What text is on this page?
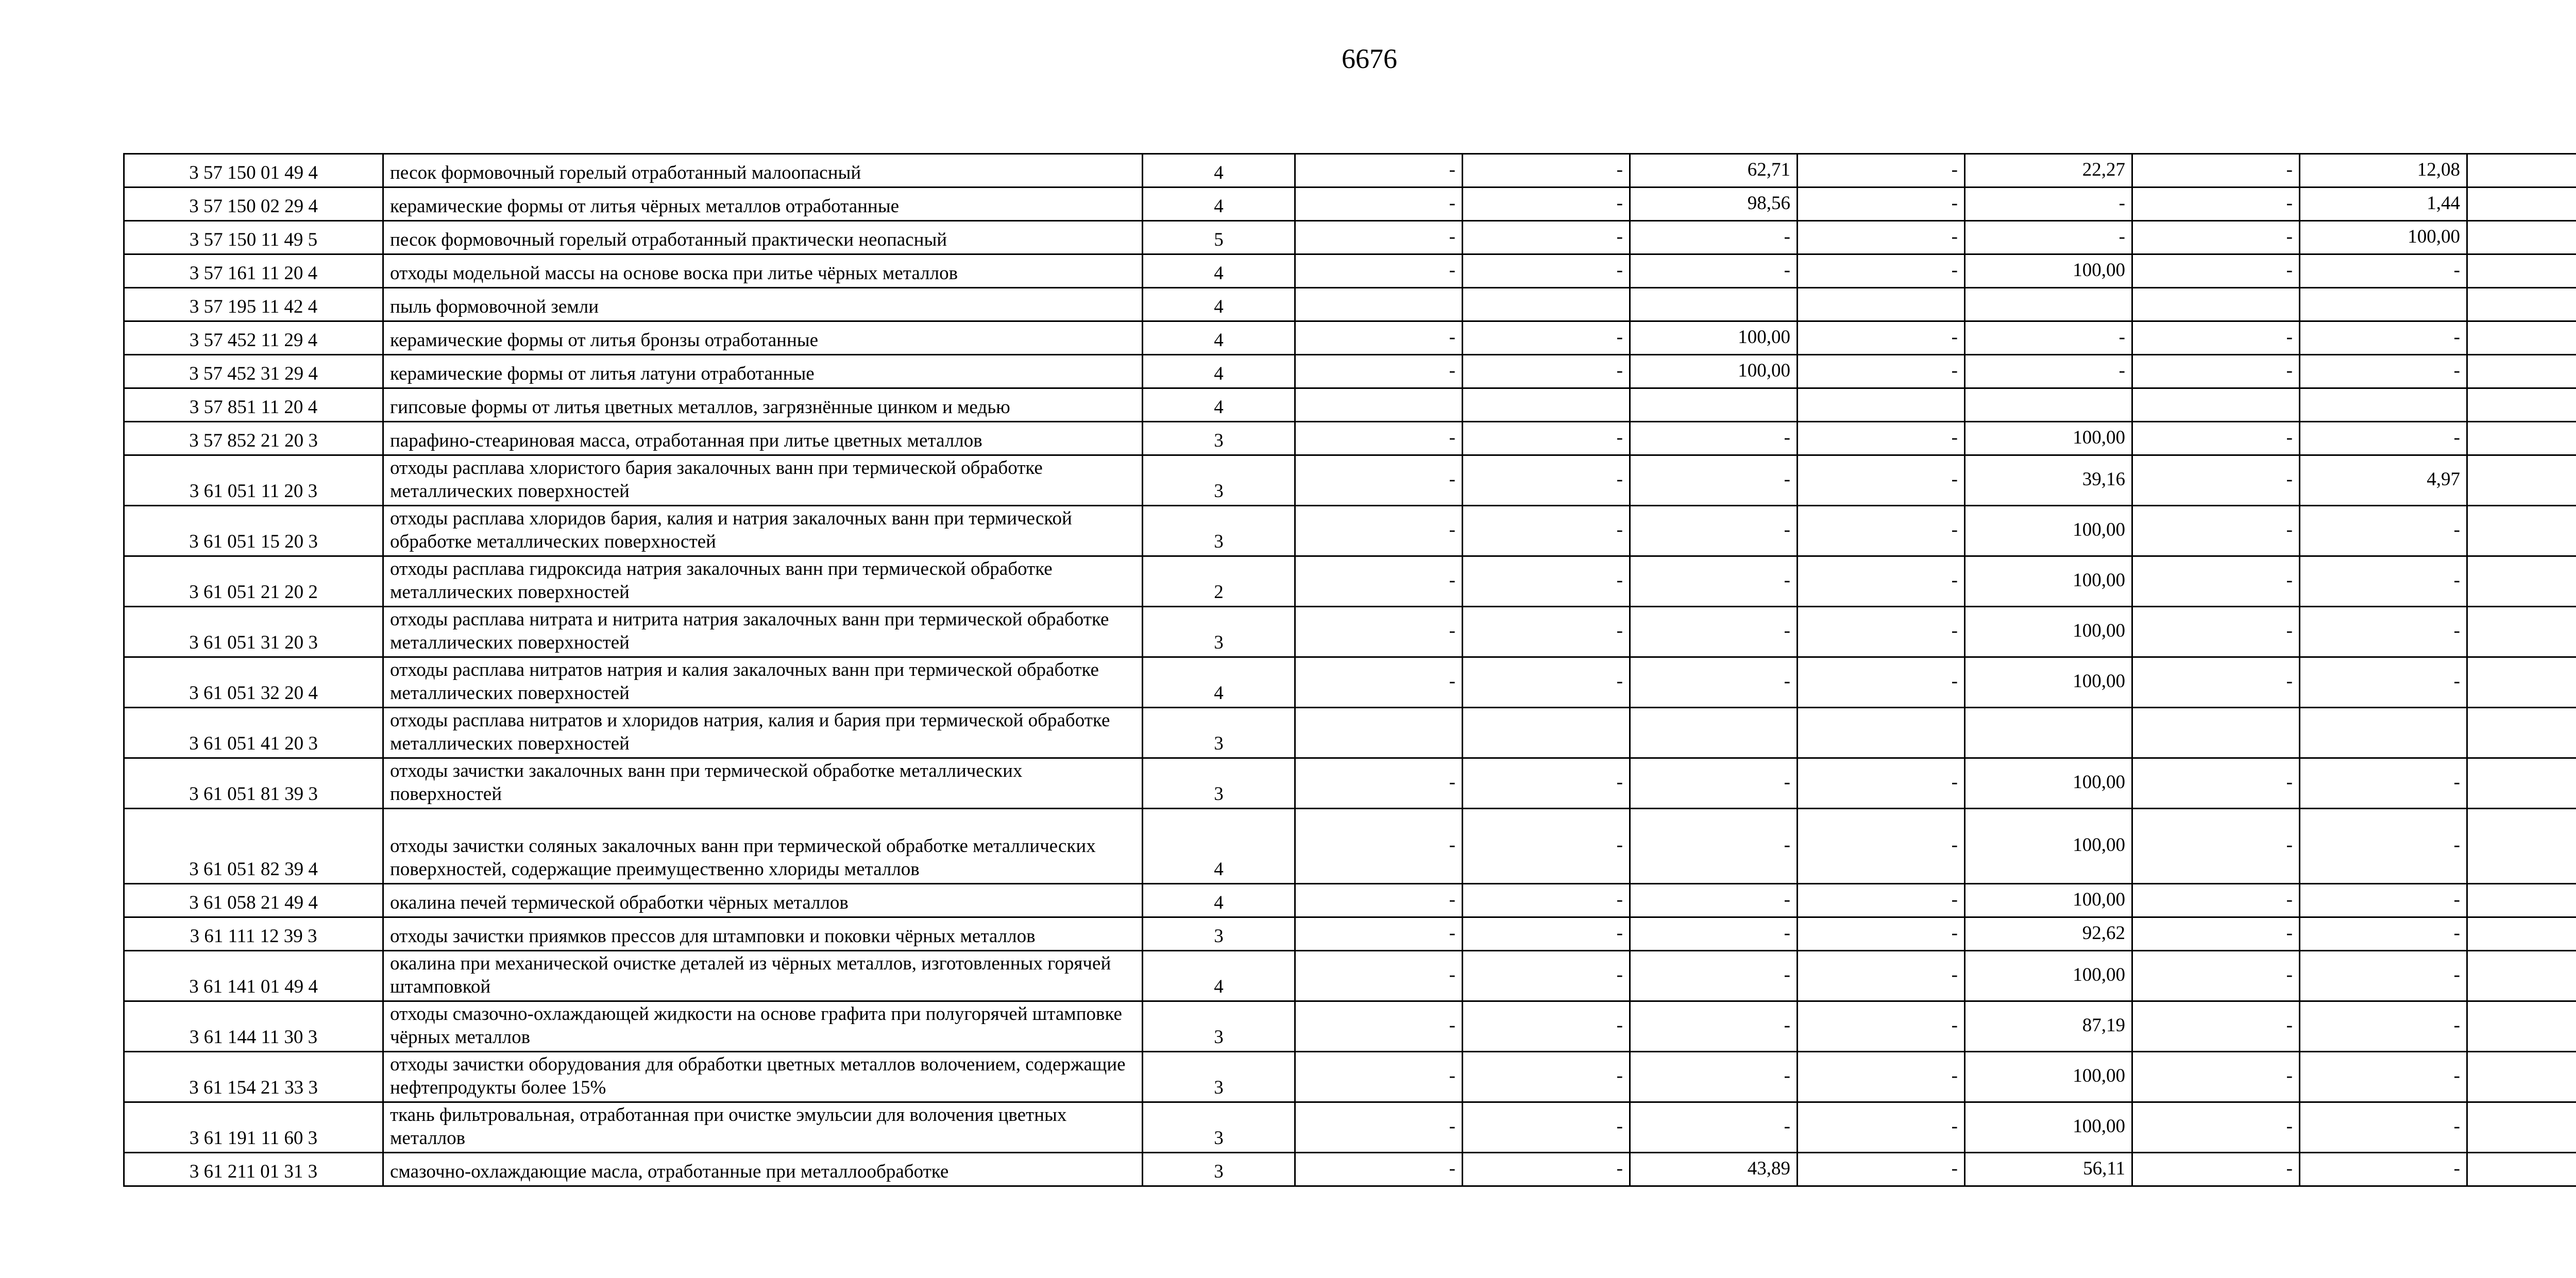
6676
3 57 150 01 49 4	песок формовочный горелый отработанный малоопасный	4	-	-	62,71	-	22,27	-	12,08	
3 57 150 02 29 4	керамические формы от литья чёрных металлов отработанные	4	-	-	98,56	-	-	-	1,44	
3 57 150 11 49 5	песок формовочный горелый отработанный практически неопасный	5	-	-	-	-	-	-	100,00	
3 57 161 11 20 4	отходы модельной массы на основе воска при литье чёрных металлов	4	-	-	-	-	100,00	-	-	
3 57 195 11 42 4	пыль формовочной земли	4								
3 57 452 11 29 4	керамические формы от литья бронзы отработанные	4	-	-	100,00	-	-	-	-	
3 57 452 31 29 4	керамические формы от литья латуни отработанные	4	-	-	100,00	-	-	-	-	
3 57 851 11 20 4	гипсовые формы от литья цветных металлов, загрязнённые цинком и медью	4								
3 57 852 21 20 3	парафино-стеариновая масса, отработанная при литье цветных металлов	3	-	-	-	-	100,00	-	-	
3 61 051 11 20 3	отходы расплава хлористого бария закалочных ванн при термической обработке металлических поверхностей	3	-	-	-	-	39,16	-	4,97	
3 61 051 15 20 3	отходы расплава хлоридов бария, калия и натрия закалочных ванн при термической обработке металлических поверхностей	3	-	-	-	-	100,00	-	-	
3 61 051 21 20 2	отходы расплава гидроксида натрия закалочных ванн при термической обработке металлических поверхностей	2	-	-	-	-	100,00	-	-	
3 61 051 31 20 3	отходы расплава нитрата и нитрита натрия закалочных ванн при термической обработке металлических поверхностей	3	-	-	-	-	100,00	-	-	
3 61 051 32 20 4	отходы расплава нитратов натрия и калия закалочных ванн при термической обработке металлических поверхностей	4	-	-	-	-	100,00	-	-	
3 61 051 41 20 3	отходы расплава нитратов и хлоридов натрия, калия и бария при термической обработке металлических поверхностей	3								
3 61 051 81 39 3	отходы зачистки закалочных ванн при термической обработке металлических поверхностей	3	-	-	-	-	100,00	-	-	
3 61 051 82 39 4	отходы зачистки соляных закалочных ванн при термической обработке металлических поверхностей, содержащие преимущественно хлориды металлов	4	-	-	-	-	100,00	-	-	
3 61 058 21 49 4	окалина печей термической обработки чёрных металлов	4	-	-	-	-	100,00	-	-	
3 61 111 12 39 3	отходы зачистки приямков прессов для штамповки и поковки чёрных металлов	3	-	-	-	-	92,62	-	-	
3 61 141 01 49 4	окалина при механической очистке деталей из чёрных металлов, изготовленных горячей штамповкой	4	-	-	-	-	100,00	-	-	
3 61 144 11 30 3	отходы смазочно-охлаждающей жидкости на основе графита при полугорячей штамповке чёрных металлов	3	-	-	-	-	87,19	-	-	
3 61 154 21 33 3	отходы зачистки оборудования для обработки цветных металлов волочением, содержащие нефтепродукты более 15%	3	-	-	-	-	100,00	-	-	
3 61 191 11 60 3	ткань фильтровальная, отработанная при очистке эмульсии для волочения цветных металлов	3	-	-	-	-	100,00	-	-	
3 61 211 01 31 3	смазочно-охлаждающие масла, отработанные при металлообработке	3	-	-	43,89	-	56,11	-	-	
